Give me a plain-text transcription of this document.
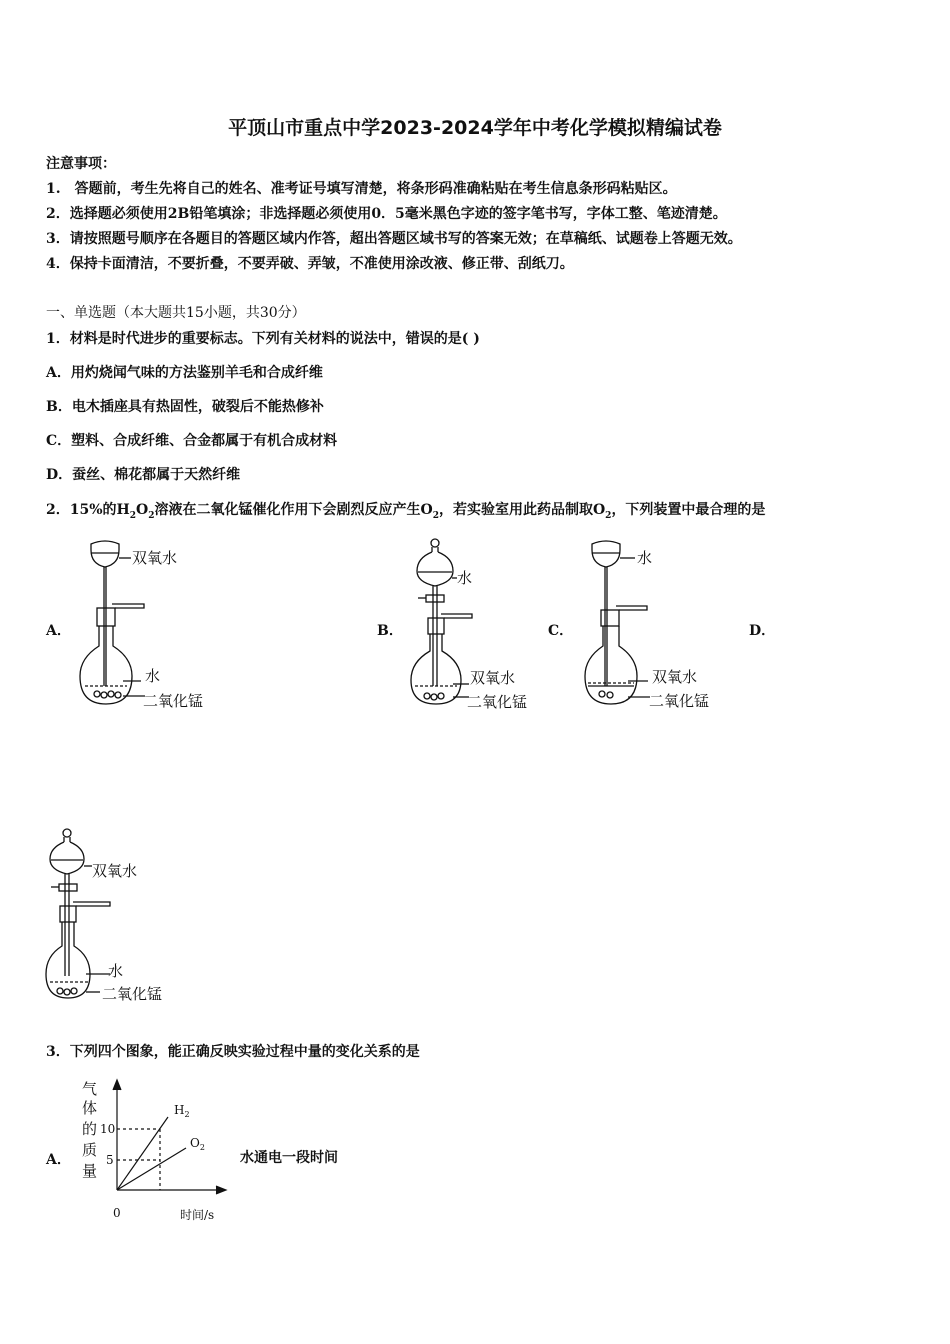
平顶山市重点中学2023-2024学年中考化学模拟精编试卷
注意事项：
1.　答题前，考生先将自己的姓名、准考证号填写清楚，将条形码准确粘贴在考生信息条形码粘贴区。
2．选择题必须使用2B铅笔填涂；非选择题必须使用0．5毫米黑色字迹的签字笔书写，字体工整、笔迹清楚。
3．请按照题号顺序在各题目的答题区域内作答，超出答题区域书写的答案无效；在草稿纸、试题卷上答题无效。
4．保持卡面清洁，不要折叠，不要弄破、弄皱，不准使用涂改液、修正带、刮纸刀。
一、单选题（本大题共15小题，共30分）
1．材料是时代进步的重要标志。下列有关材料的说法中，错误的是( )
A．用灼烧闻气味的方法鉴别羊毛和合成纤维
B．电木插座具有热固性，破裂后不能热修补
C．塑料、合成纤维、合金都属于有机合成材料
D．蚕丝、棉花都属于天然纤维
2．15%的$H_2O_2$溶液在二氧化锰催化作用下会剧烈反应产生$O_2$，若实验室用此药品制取$O_2$，下列装置中最合理的是
A．	B．	C．	D．
双氧水
水
二氧化锰
水
双氧水
二氧化锰
水
双氧水
二氧化锰
双氧水
水
二氧化锰
3．下列四个图象，能正确反映实验过程中量的变化关系的是
A．	水通电一段时间
气
体
的
质
量
10
5
0	时间/s
$H_2$
$O_2$
